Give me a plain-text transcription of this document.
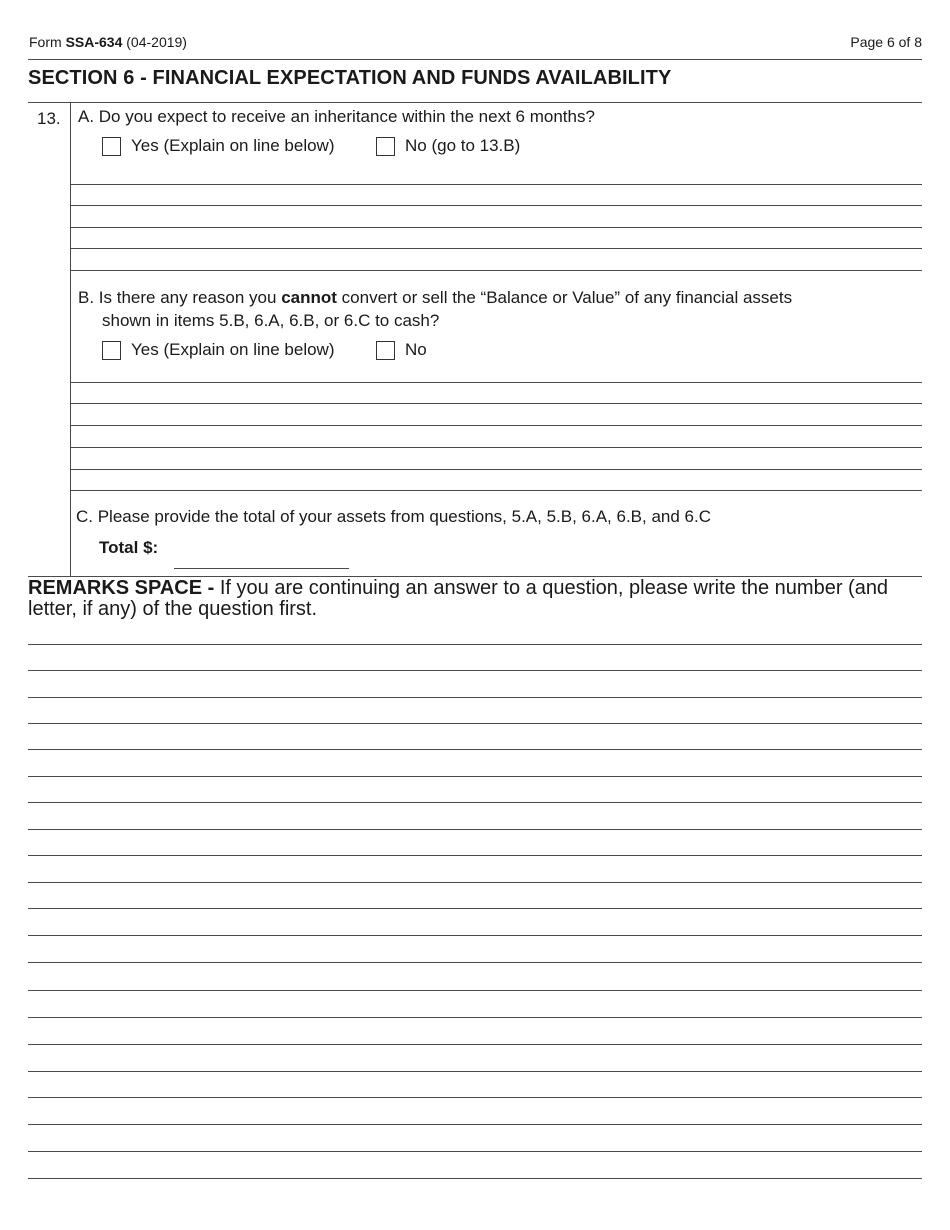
Form SSA-634 (04-2019)	Page 6 of 8
SECTION 6 - FINANCIAL EXPECTATION AND FUNDS AVAILABILITY
13. A. Do you expect to receive an inheritance within the next 6 months?
Yes (Explain on line below)	No (go to 13.B)
B. Is there any reason you cannot convert or sell the “Balance or Value” of any financial assets
shown in items 5.B, 6.A, 6.B, or 6.C to cash?
Yes (Explain on line below)	No
C. Please provide the total of your assets from questions, 5.A, 5.B, 6.A, 6.B, and 6.C
Total $:
REMARKS SPACE - If you are continuing an answer to a question, please write the number (and letter, if any) of the question first.
